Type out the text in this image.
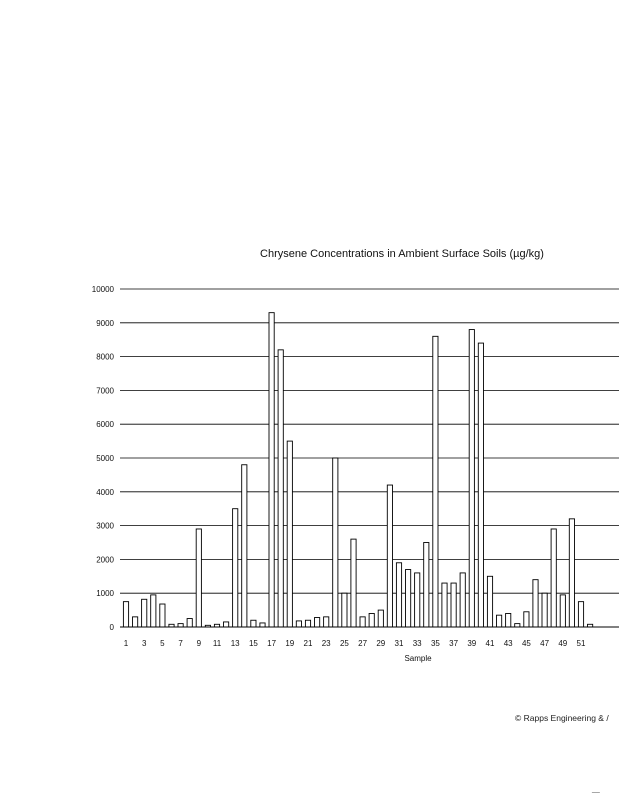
Chrysene Concentrations in Ambient Surface Soils (µg/kg)
0
1000
2000
3000
4000
5000
6000
7000
8000
9000
10000
1 3 5 7 9 11 13 15 17 19 21 23 25 27 29 31 33 35 37 39 41 43 45 47 49 51
Sample
© Rapps Engineering & /
__
